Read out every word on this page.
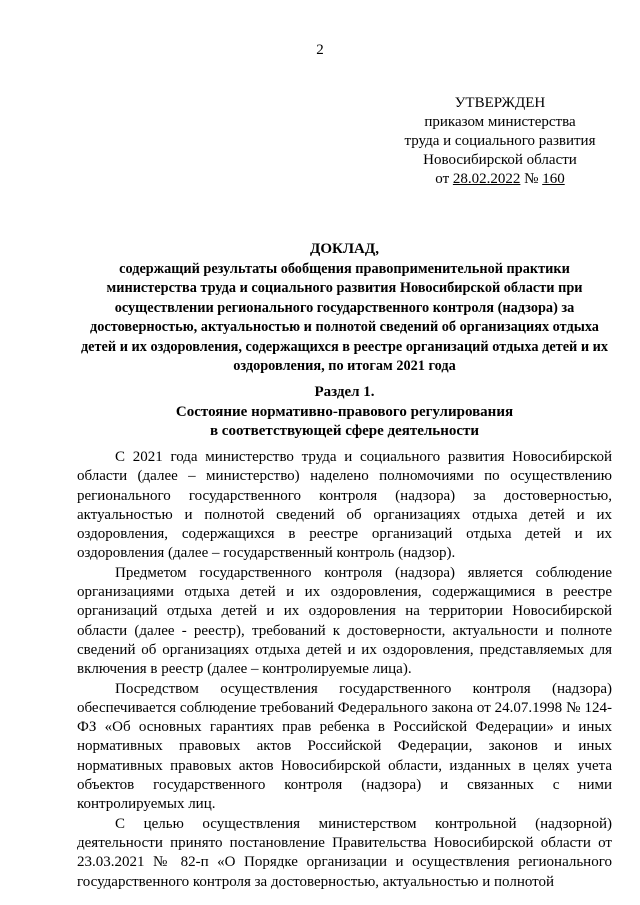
2
УТВЕРЖДЕН
приказом министерства
труда и социального развития
Новосибирской области
от 28.02.2022 № 160
ДОКЛАД,
содержащий результаты обобщения правоприменительной практики министерства труда и социального развития Новосибирской области при осуществлении регионального государственного контроля (надзора) за достоверностью, актуальностью и полнотой сведений об организациях отдыха детей и их оздоровления, содержащихся в реестре организаций отдыха детей и их оздоровления, по итогам 2021 года
Раздел 1.
Состояние нормативно-правового регулирования
в соответствующей сфере деятельности

С 2021 года министерство труда и социального развития Новосибирской области (далее – министерство) наделено полномочиями по осуществлению регионального государственного контроля (надзора) за достоверностью, актуальностью и полнотой сведений об организациях отдыха детей и их оздоровления, содержащихся в реестре организаций отдыха детей и их оздоровления (далее – государственный контроль (надзор).

Предметом государственного контроля (надзора) является соблюдение организациями отдыха детей и их оздоровления, содержащимися в реестре организаций отдыха детей и их оздоровления на территории Новосибирской области (далее - реестр), требований к достоверности, актуальности и полноте сведений об организациях отдыха детей и их оздоровления, представляемых для включения в реестр (далее – контролируемые лица).

Посредством осуществления государственного контроля (надзора) обеспечивается соблюдение требований Федерального закона от 24.07.1998 № 124-ФЗ «Об основных гарантиях прав ребенка в Российской Федерации» и иных нормативных правовых актов Российской Федерации, законов и иных нормативных правовых актов Новосибирской области, изданных в целях учета объектов государственного контроля (надзора) и связанных с ними контролируемых лиц.

С целью осуществления министерством контрольной (надзорной) деятельности принято постановление Правительства Новосибирской области от 23.03.2021 № 82-п «О Порядке организации и осуществления регионального государственного контроля за достоверностью, актуальностью и полнотой
